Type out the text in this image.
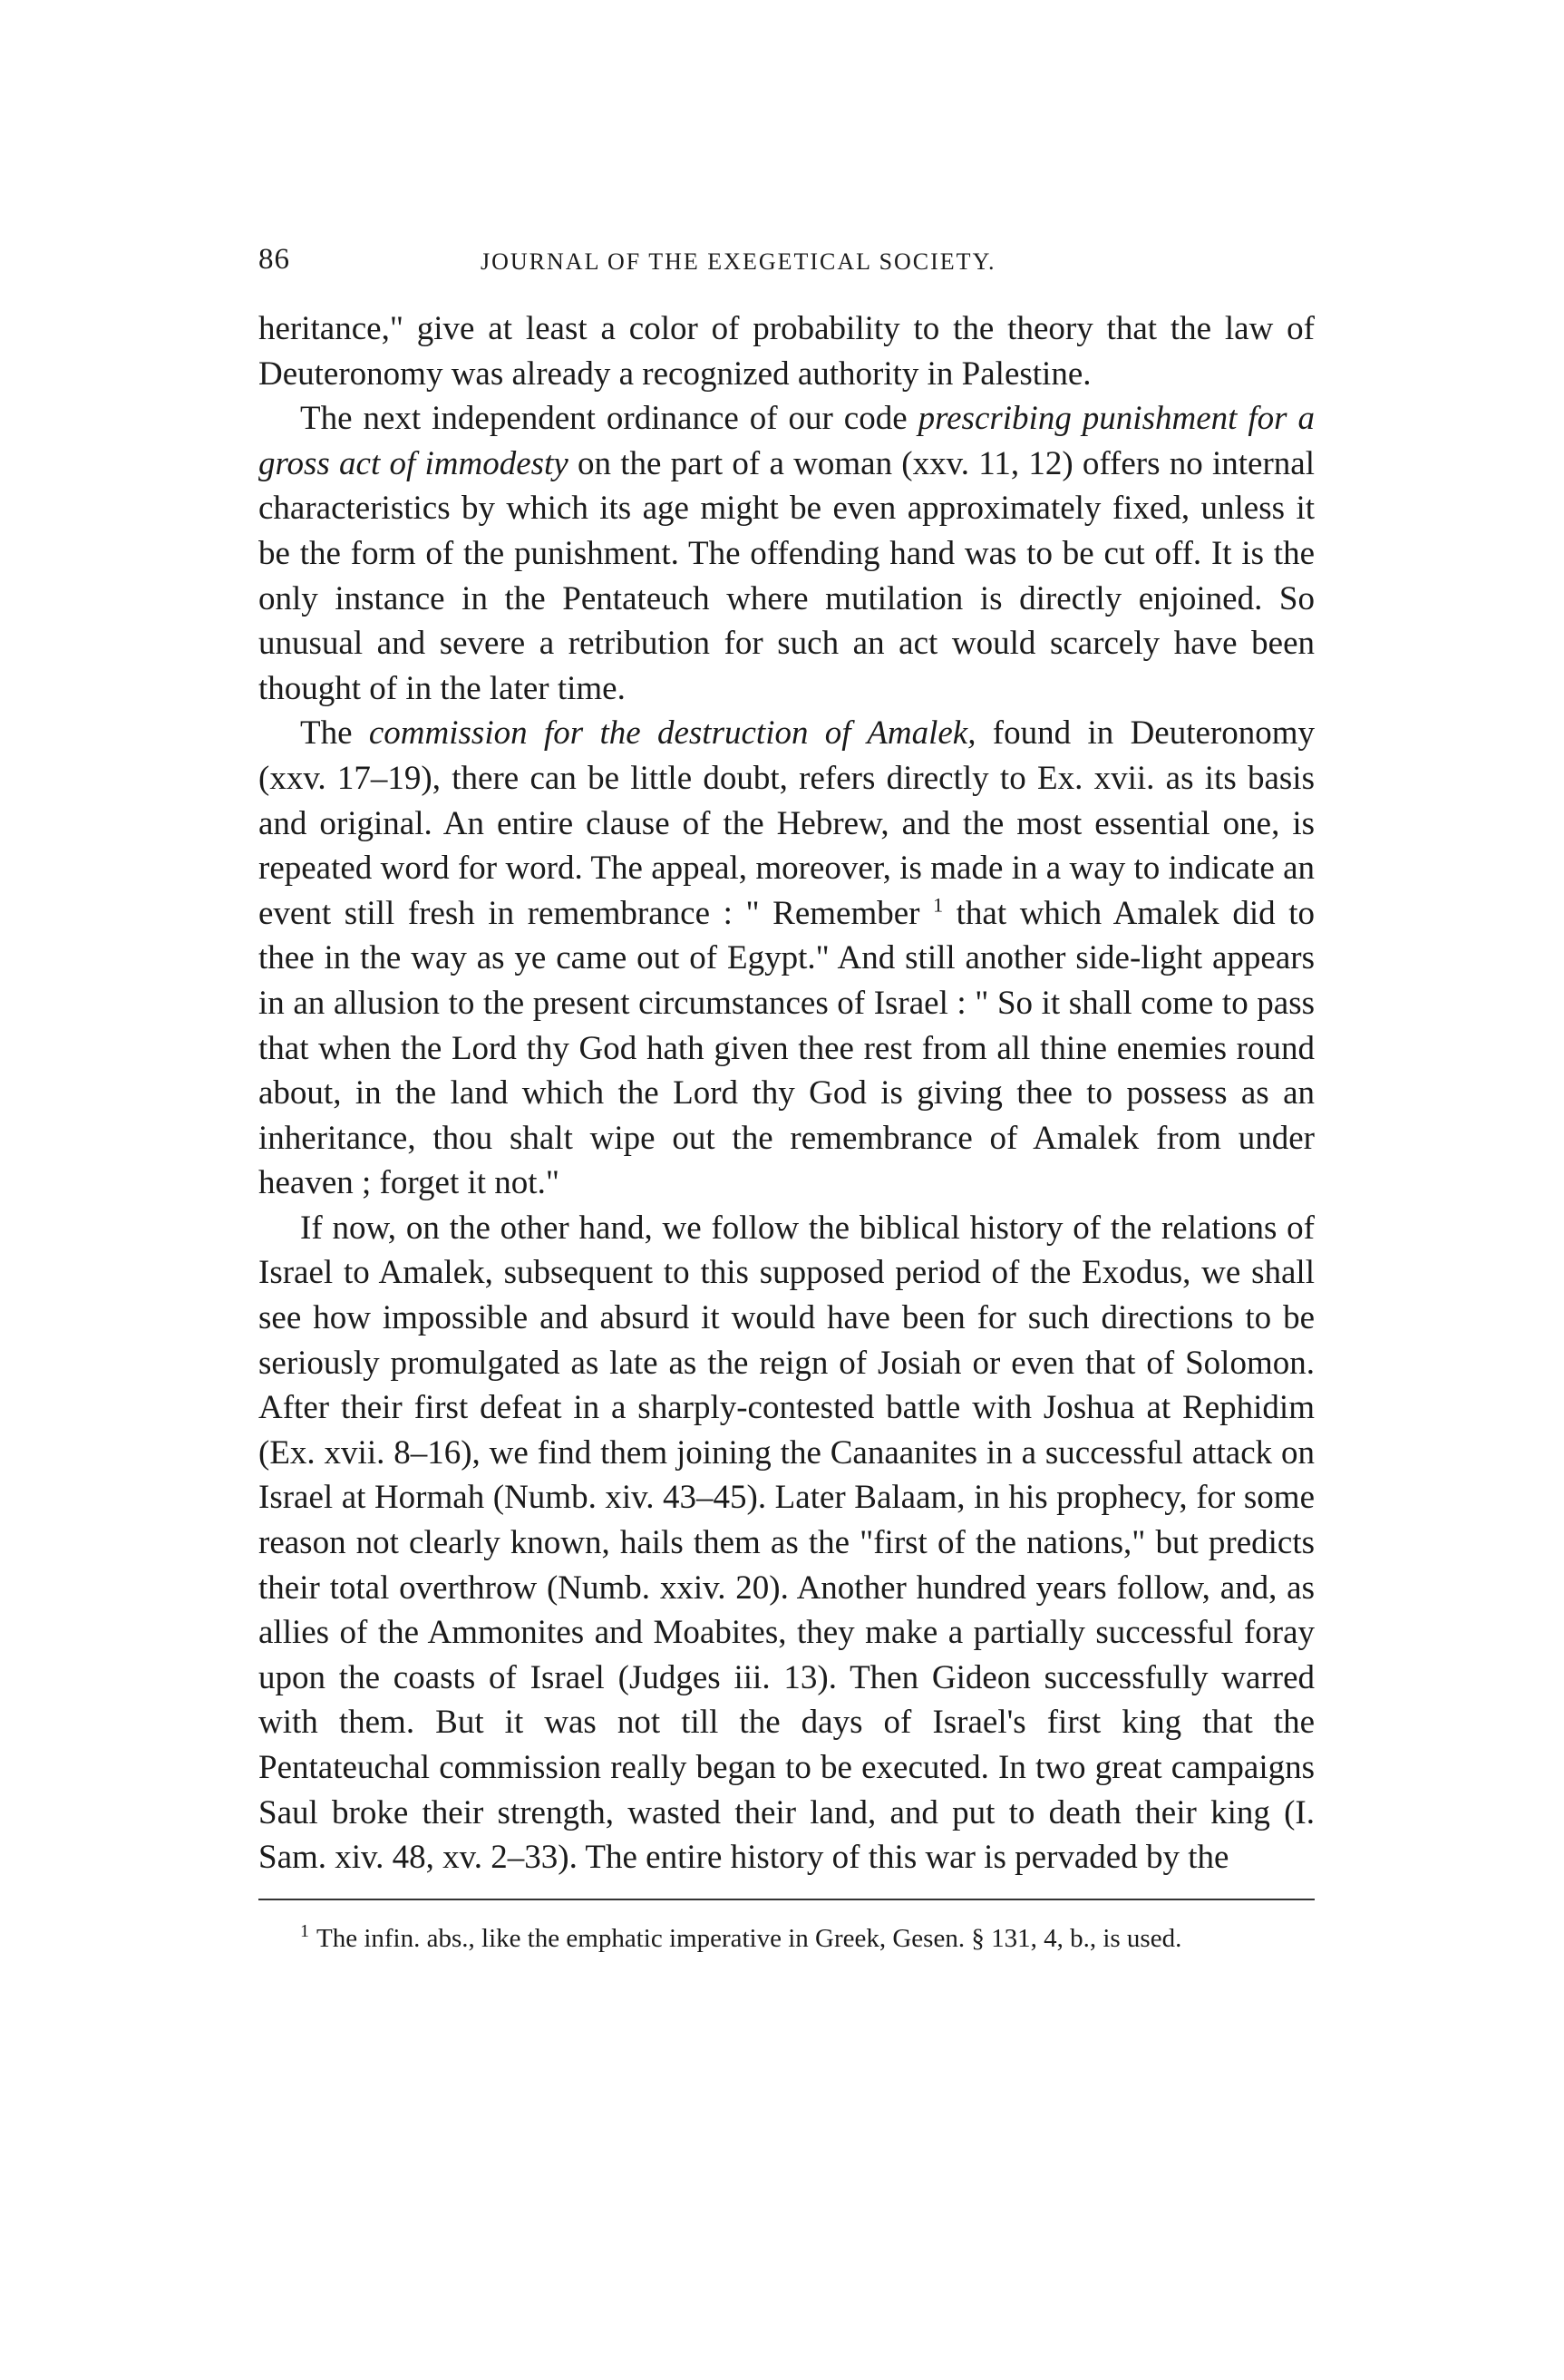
86	JOURNAL OF THE EXEGETICAL SOCIETY.

heritance," give at least a color of probability to the theory that the law of Deuteronomy was already a recognized authority in Palestine.

The next independent ordinance of our code prescribing punishment for a gross act of immodesty on the part of a woman (xxv. 11, 12) offers no internal characteristics by which its age might be even approximately fixed, unless it be the form of the punishment. The offending hand was to be cut off. It is the only instance in the Pentateuch where mutilation is directly enjoined. So unusual and severe a retribution for such an act would scarcely have been thought of in the later time.

The commission for the destruction of Amalek, found in Deuteronomy (xxv. 17–19), there can be little doubt, refers directly to Ex. xvii. as its basis and original. An entire clause of the Hebrew, and the most essential one, is repeated word for word. The appeal, moreover, is made in a way to indicate an event still fresh in remembrance : " Remember $^1$ that which Amalek did to thee in the way as ye came out of Egypt." And still another side-light appears in an allusion to the present circumstances of Israel : " So it shall come to pass that when the Lord thy God hath given thee rest from all thine enemies round about, in the land which the Lord thy God is giving thee to possess as an inheritance, thou shalt wipe out the remembrance of Amalek from under heaven ; forget it not."

If now, on the other hand, we follow the biblical history of the relations of Israel to Amalek, subsequent to this supposed period of the Exodus, we shall see how impossible and absurd it would have been for such directions to be seriously promulgated as late as the reign of Josiah or even that of Solomon. After their first defeat in a sharply-contested battle with Joshua at Rephidim (Ex. xvii. 8–16), we find them joining the Canaanites in a successful attack on Israel at Hormah (Numb. xiv. 43–45). Later Balaam, in his prophecy, for some reason not clearly known, hails them as the "first of the nations," but predicts their total overthrow (Numb. xxiv. 20). Another hundred years follow, and, as allies of the Ammonites and Moabites, they make a partially successful foray upon the coasts of Israel (Judges iii. 13). Then Gideon successfully warred with them. But it was not till the days of Israel's first king that the Pentateuchal commission really began to be executed. In two great campaigns Saul broke their strength, wasted their land, and put to death their king (I. Sam. xiv. 48, xv. 2–33). The entire history of this war is pervaded by the

$^1$ The infin. abs., like the emphatic imperative in Greek, Gesen. § 131, 4, b., is used.
